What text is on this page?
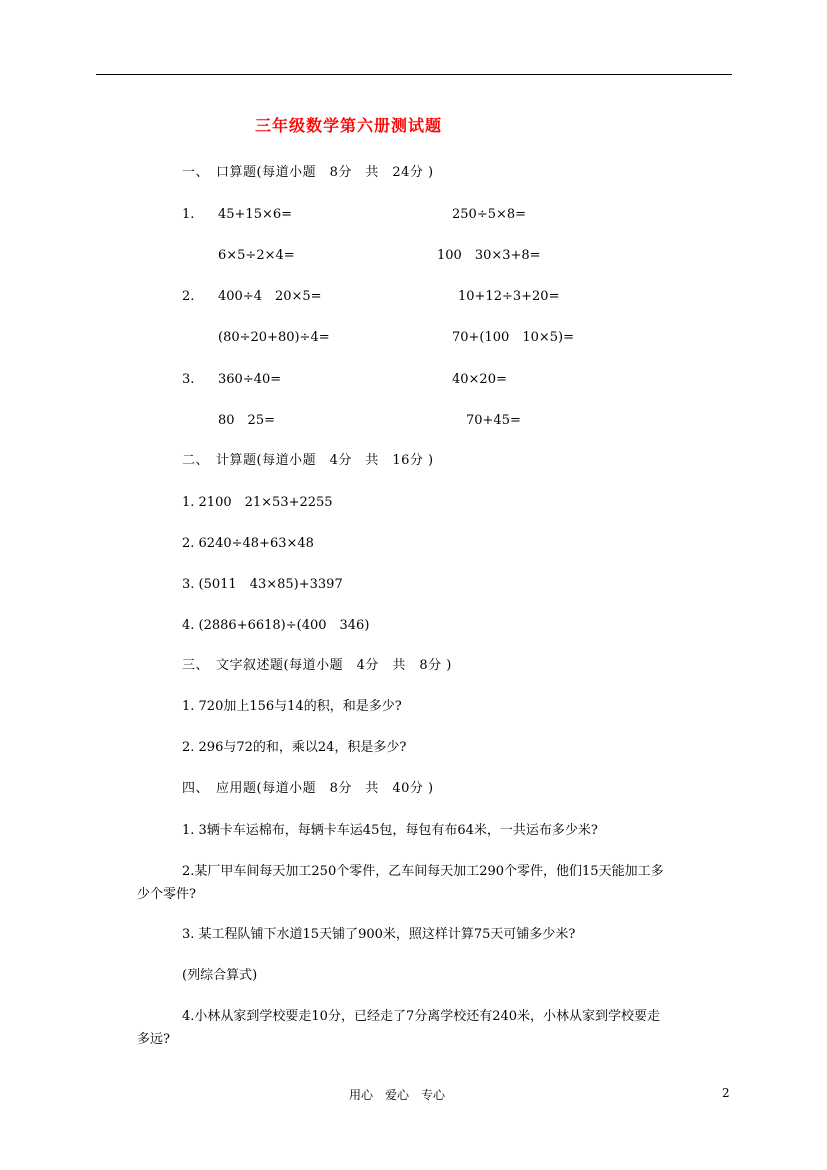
三年级数学第六册测试题
一、　口算题(每道小题　8分　共　24分 )
1. 45+15×6=	250÷5×8=
6×5÷2×4=	100　30×3+8=
2. 400÷4　20×5=	10+12÷3+20=
(80÷20+80)÷4=	70+(100　10×5)=
3. 360÷40=	40×20=
80　25=	70+45=
二、　计算题(每道小题　4分　共　16分 )
1. 2100　21×53+2255
2. 6240÷48+63×48
3. (5011　43×85)+3397
4. (2886+6618)÷(400　346)
三、　文字叙述题(每道小题　4分　共　8分 )
1. 720加上156与14的积，和是多少?
2. 296与72的和，乘以24，积是多少?
四、　应用题(每道小题　8分　共　40分 )
1. 3辆卡车运棉布，每辆卡车运45包，每包有布64米，一共运布多少米?
2.某厂甲车间每天加工250个零件，乙车间每天加工290个零件，他们15天能加工多
少个零件?
3. 某工程队铺下水道15天铺了900米，照这样计算75天可铺多少米?
(列综合算式)
4.小林从家到学校要走10分，已经走了7分离学校还有240米，小林从家到学校要走
多远?
用心　爱心　专心	2
